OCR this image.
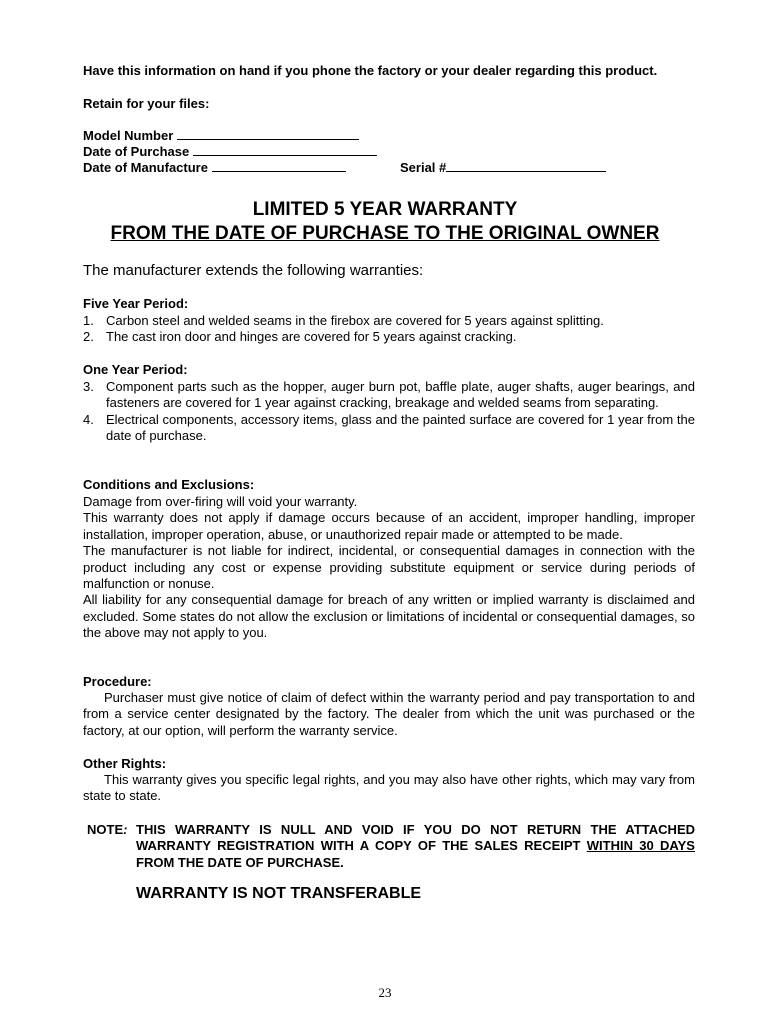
Have this information on hand if you phone the factory or your dealer regarding this product.
Retain for your files:
Model Number
Date of Purchase
Date of Manufacture	Serial #
LIMITED 5 YEAR WARRANTY
FROM THE DATE OF PURCHASE TO THE ORIGINAL OWNER
The manufacturer extends the following warranties:
Five Year Period:
1. Carbon steel and welded seams in the firebox are covered for 5 years against splitting.
2. The cast iron door and hinges are covered for 5 years against cracking.
One Year Period:
3. Component parts such as the hopper, auger burn pot, baffle plate, auger shafts, auger bearings, and fasteners are covered for 1 year against cracking, breakage and welded seams from separating.
4. Electrical components, accessory items, glass and the painted surface are covered for 1 year from the date of purchase.
Conditions and Exclusions:
Damage from over-firing will void your warranty.
This warranty does not apply if damage occurs because of an accident, improper handling, improper installation, improper operation, abuse, or unauthorized repair made or attempted to be made.
The manufacturer is not liable for indirect, incidental, or consequential damages in connection with the product including any cost or expense providing substitute equipment or service during periods of malfunction or nonuse.
All liability for any consequential damage for breach of any written or implied warranty is disclaimed and excluded. Some states do not allow the exclusion or limitations of incidental or consequential damages, so the above may not apply to you.
Procedure:
Purchaser must give notice of claim of defect within the warranty period and pay transportation to and from a service center designated by the factory. The dealer from which the unit was purchased or the factory, at our option, will perform the warranty service.
Other Rights:
This warranty gives you specific legal rights, and you may also have other rights, which may vary from state to state.
NOTE: THIS WARRANTY IS NULL AND VOID IF YOU DO NOT RETURN THE ATTACHED WARRANTY REGISTRATION WITH A COPY OF THE SALES RECEIPT WITHIN 30 DAYS FROM THE DATE OF PURCHASE.
WARRANTY IS NOT TRANSFERABLE
23
